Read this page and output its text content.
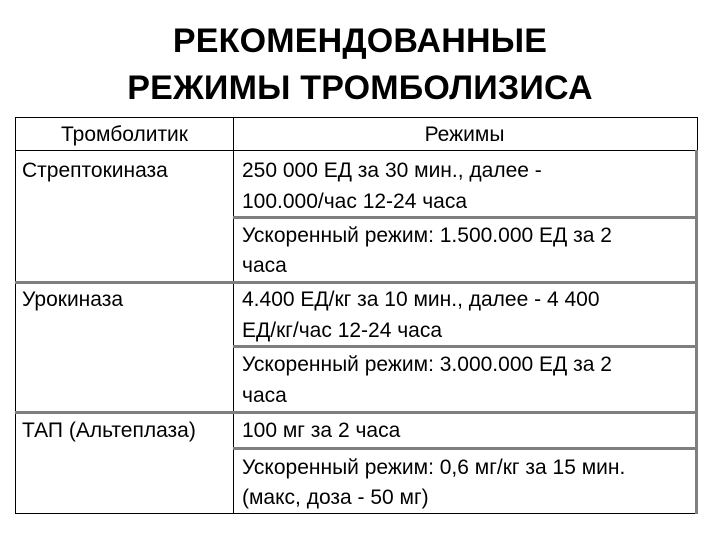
РЕКОМЕНДОВАННЫЕ
РЕЖИМЫ ТРОМБОЛИЗИСА
Тромболитик	Режимы
Стрептокиназа	250 000 ЕД за 30 мин., далее -
100.000/час 12-24 часа
Ускоренный режим: 1.500.000 ЕД за 2
часа
Урокиназа	4.400 ЕД/кг за 10 мин., далее - 4 400
ЕД/кг/час 12-24 часа
Ускоренный режим: 3.000.000 ЕД за 2
часа
ТАП (Альтеплаза) 100 мг за 2 часа
Ускоренный режим: 0,6 мг/кг за 15 мин.
(макс, доза - 50 мг)
